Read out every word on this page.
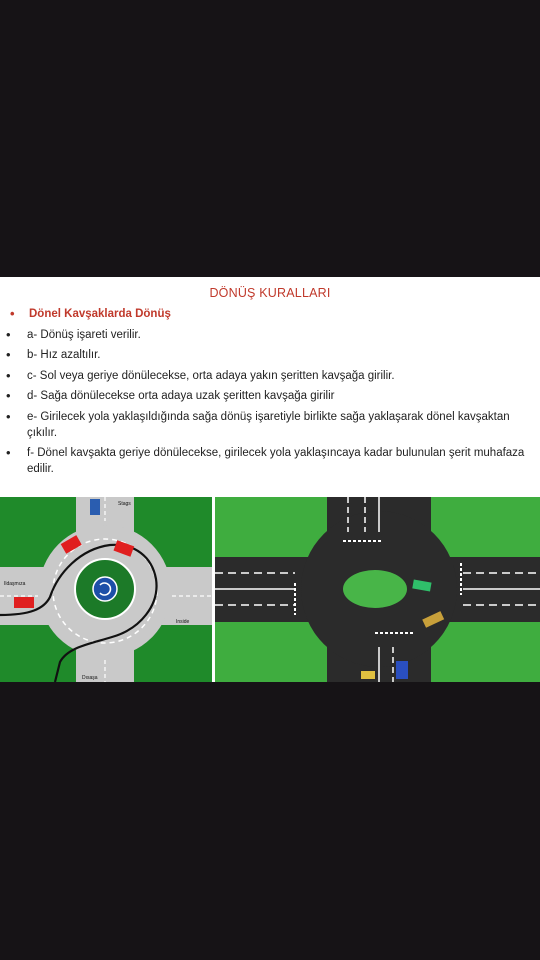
DÖNÜŞ KURALLARI
• Dönel Kavşaklarda Dönüş
• a- Dönüş işareti verilir.
• b- Hız azaltılır.
• c- Sol veya geriye dönülecekse, orta adaya yakın şeritten kavşağa girilir.
• d- Sağa dönülecekse orta adaya uzak şeritten kavşağa girilir
• e- Girilecek yola yaklaşıldığında sağa dönüş işaretiyle birlikte sağa yaklaşarak dönel kavşaktan çıkılır.
• f- Dönel kavşakta geriye dönülecekse, girilecek yola yaklaşıncaya kadar bulunulan şerit muhafaza edilir.
Stags
Ildaşmıza
Inside
Dısaşa
